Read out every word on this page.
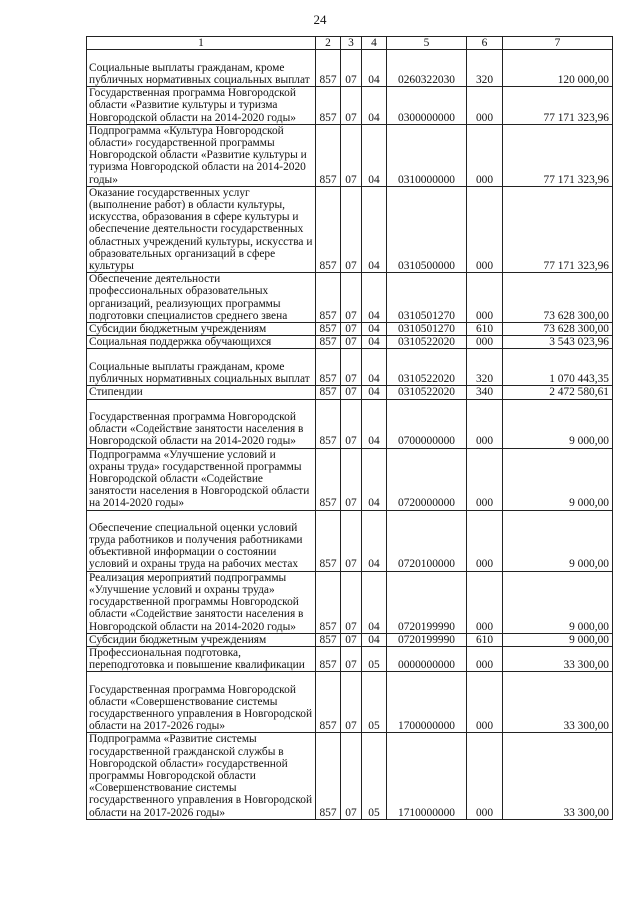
24
1	2	3	4	5	6	7
Социальные выплаты гражданам, кроме публичных нормативных социальных выплат	857	07	04	0260322030	320	120 000,00
Государственная программа Новгородской области «Развитие культуры и туризма Новгородской области на 2014-2020 годы»	857	07	04	0300000000	000	77 171 323,96
Подпрограмма «Культура Новгородской области» государственной программы Новгородской области «Развитие культуры и туризма Новгородской области на 2014-2020 годы»	857	07	04	0310000000	000	77 171 323,96
Оказание государственных услуг (выполнение работ) в области культуры, искусства, образования в сфере культуры и обеспечение деятельности государственных областных учреждений культуры, искусства и образовательных организаций в сфере культуры	857	07	04	0310500000	000	77 171 323,96
Обеспечение деятельности профессиональных образовательных организаций, реализующих программы подготовки специалистов среднего звена	857	07	04	0310501270	000	73 628 300,00
Субсидии бюджетным учреждениям	857	07	04	0310501270	610	73 628 300,00
Социальная поддержка обучающихся	857	07	04	0310522020	000	3 543 023,96
Социальные выплаты гражданам, кроме публичных нормативных социальных выплат	857	07	04	0310522020	320	1 070 443,35
Стипендии	857	07	04	0310522020	340	2 472 580,61
Государственная программа Новгородской области «Содействие занятости населения в Новгородской области на 2014-2020 годы»	857	07	04	0700000000	000	9 000,00
Подпрограмма «Улучшение условий и охраны труда» государственной программы Новгородской области «Содействие занятости населения в Новгородской области на 2014-2020 годы»	857	07	04	0720000000	000	9 000,00
Обеспечение специальной оценки условий труда работников и получения работниками объективной информации о состоянии условий и охраны труда на рабочих местах	857	07	04	0720100000	000	9 000,00
Реализация мероприятий подпрограммы «Улучшение условий и охраны труда» государственной программы Новгородской области «Содействие занятости населения в Новгородской области на 2014-2020 годы»	857	07	04	0720199990	000	9 000,00
Субсидии бюджетным учреждениям	857	07	04	0720199990	610	9 000,00
Профессиональная подготовка, переподготовка и повышение квалификации	857	07	05	0000000000	000	33 300,00
Государственная программа Новгородской области «Совершенствование системы государственного управления в Новгородской области на 2017-2026 годы»	857	07	05	1700000000	000	33 300,00
Подпрограмма «Развитие системы государственной гражданской службы в Новгородской области» государственной программы Новгородской области «Совершенствование системы государственного управления в Новгородской области на 2017-2026 годы»	857	07	05	1710000000	000	33 300,00
